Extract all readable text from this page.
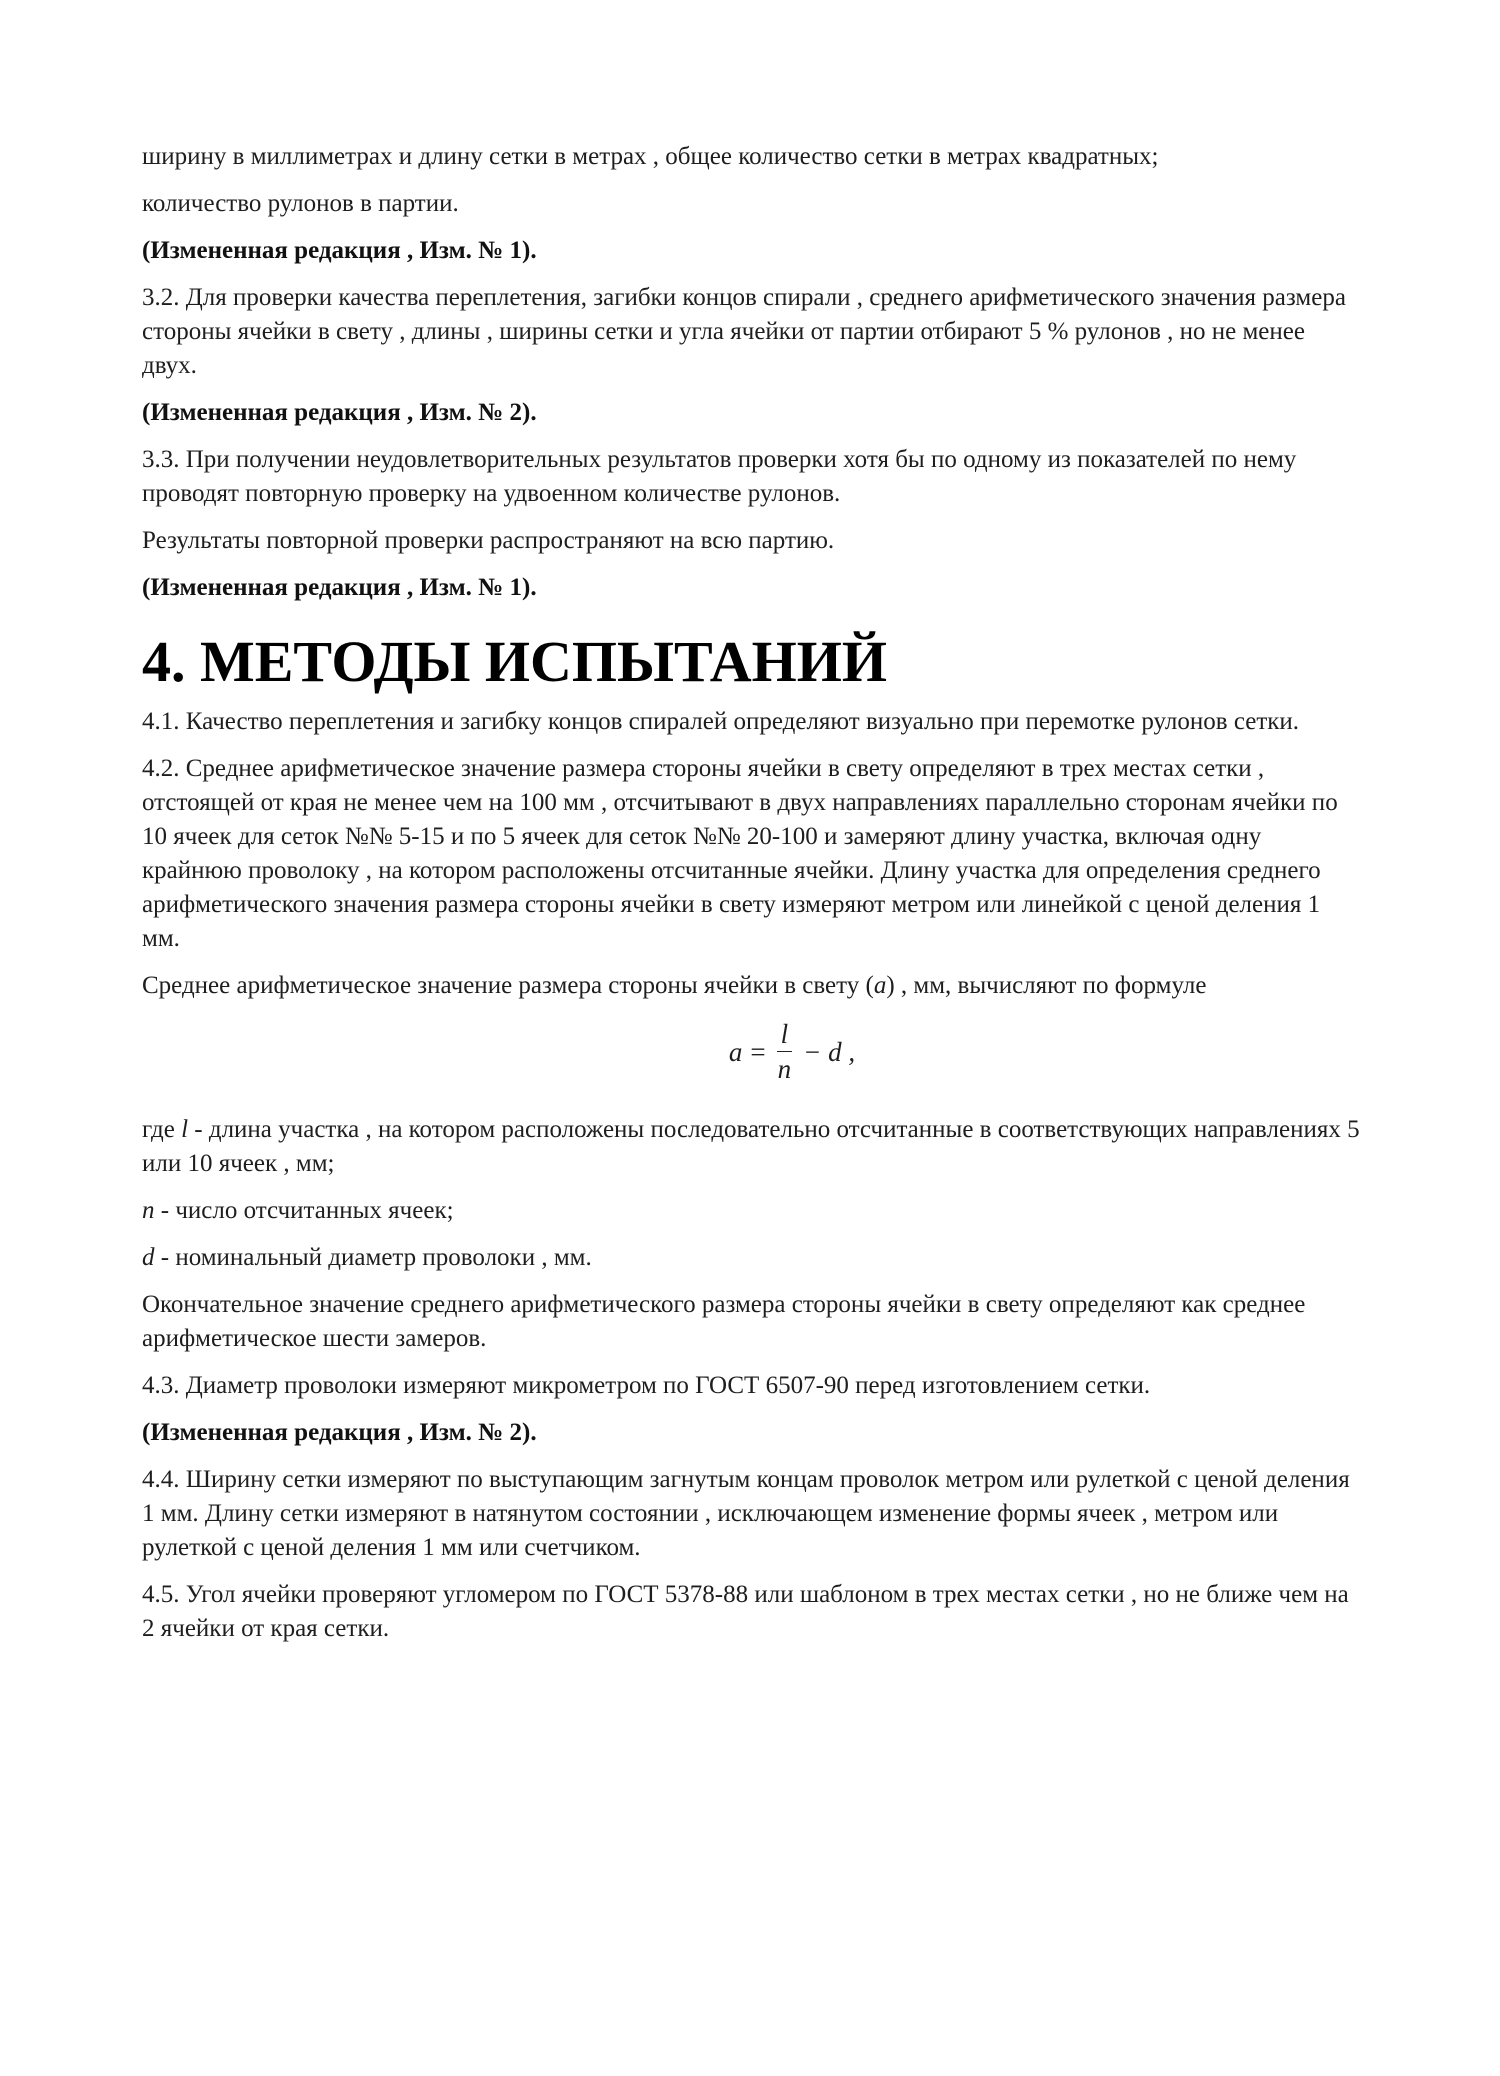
ширину в миллиметрах и длину сетки в метрах , общее количество сетки в метрах квадратных;

количество рулонов в партии.

(Измененная редакция , Изм. № 1).

3.2. Для проверки качества переплетения, загибки концов спирали , среднего арифметического значения размера стороны ячейки в свету , длины , ширины сетки и угла ячейки от партии отбирают 5 % рулонов , но не менее двух.

(Измененная редакция , Изм. № 2).

3.3. При получении неудовлетворительных результатов проверки хотя бы по одному из показателей по нему проводят повторную проверку на удвоенном количестве рулонов.

Результаты повторной проверки распространяют на всю партию.

(Измененная редакция , Изм. № 1).

4. МЕТОДЫ ИСПЫТАНИЙ

4.1. Качество переплетения и загибку концов спиралей определяют визуально при перемотке рулонов сетки.

4.2. Среднее арифметическое значение размера стороны ячейки в свету определяют в трех местах сетки , отстоящей от края не менее чем на 100 мм , отсчитывают в двух направлениях параллельно сторонам ячейки по 10 ячеек для сеток №№ 5-15 и по 5 ячеек для сеток №№ 20-100 и замеряют длину участка, включая одну крайнюю проволоку , на котором расположены отсчитанные ячейки. Длину участка для определения среднего арифметического значения размера стороны ячейки в свету измеряют метром или линейкой с ценой деления 1 мм.

Среднее арифметическое значение размера стороны ячейки в свету (a) , мм, вычисляют по формуле

$a = \frac{l}{n} - d$ ,

где l - длина участка , на котором расположены последовательно отсчитанные в соответствующих направлениях 5 или 10 ячеек , мм;

n - число отсчитанных ячеек;

d - номинальный диаметр проволоки , мм.

Окончательное значение среднего арифметического размера стороны ячейки в свету определяют как среднее арифметическое шести замеров.

4.3. Диаметр проволоки измеряют микрометром по ГОСТ 6507-90 перед изготовлением сетки.

(Измененная редакция , Изм. № 2).

4.4. Ширину сетки измеряют по выступающим загнутым концам проволок метром или рулеткой с ценой деления 1 мм. Длину сетки измеряют в натянутом состоянии , исключающем изменение формы ячеек , метром или рулеткой с ценой деления 1 мм или счетчиком.

4.5. Угол ячейки проверяют угломером по ГОСТ 5378-88 или шаблоном в трех местах сетки , но не ближе чем на 2 ячейки от края сетки.
